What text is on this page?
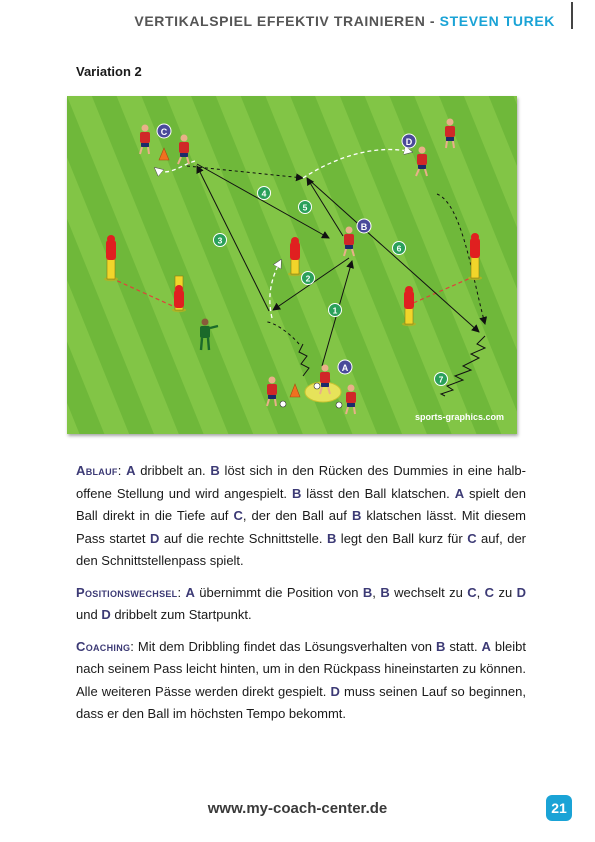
VERTIKALSPIEL EFFEKTIV TRAINIEREN - STEVEN TUREK
Variation 2
C
D
B
A
1
2
3
4
5
6
7
sports-graphics.com

Ablauf: A dribbelt an. B löst sich in den Rücken des Dummies in eine halboffene Stellung und wird angespielt. B lässt den Ball klatschen. A spielt den Ball direkt in die Tiefe auf C, der den Ball auf B klatschen lässt. Mit diesem Pass startet D auf die rechte Schnittstelle. B legt den Ball kurz für C auf, der den Schnittstellenpass spielt.

Positionswechsel: A übernimmt die Position von B, B wechselt zu C, C zu D und D dribbelt zum Startpunkt.

Coaching: Mit dem Dribbling findet das Lösungsverhalten von B statt. A bleibt nach seinem Pass leicht hinten, um in den Rückpass hineinstarten zu können. Alle weiteren Pässe werden direkt gespielt. D muss seinen Lauf so beginnen, dass er den Ball im höchsten Tempo bekommt.

www.my-coach-center.de	21
